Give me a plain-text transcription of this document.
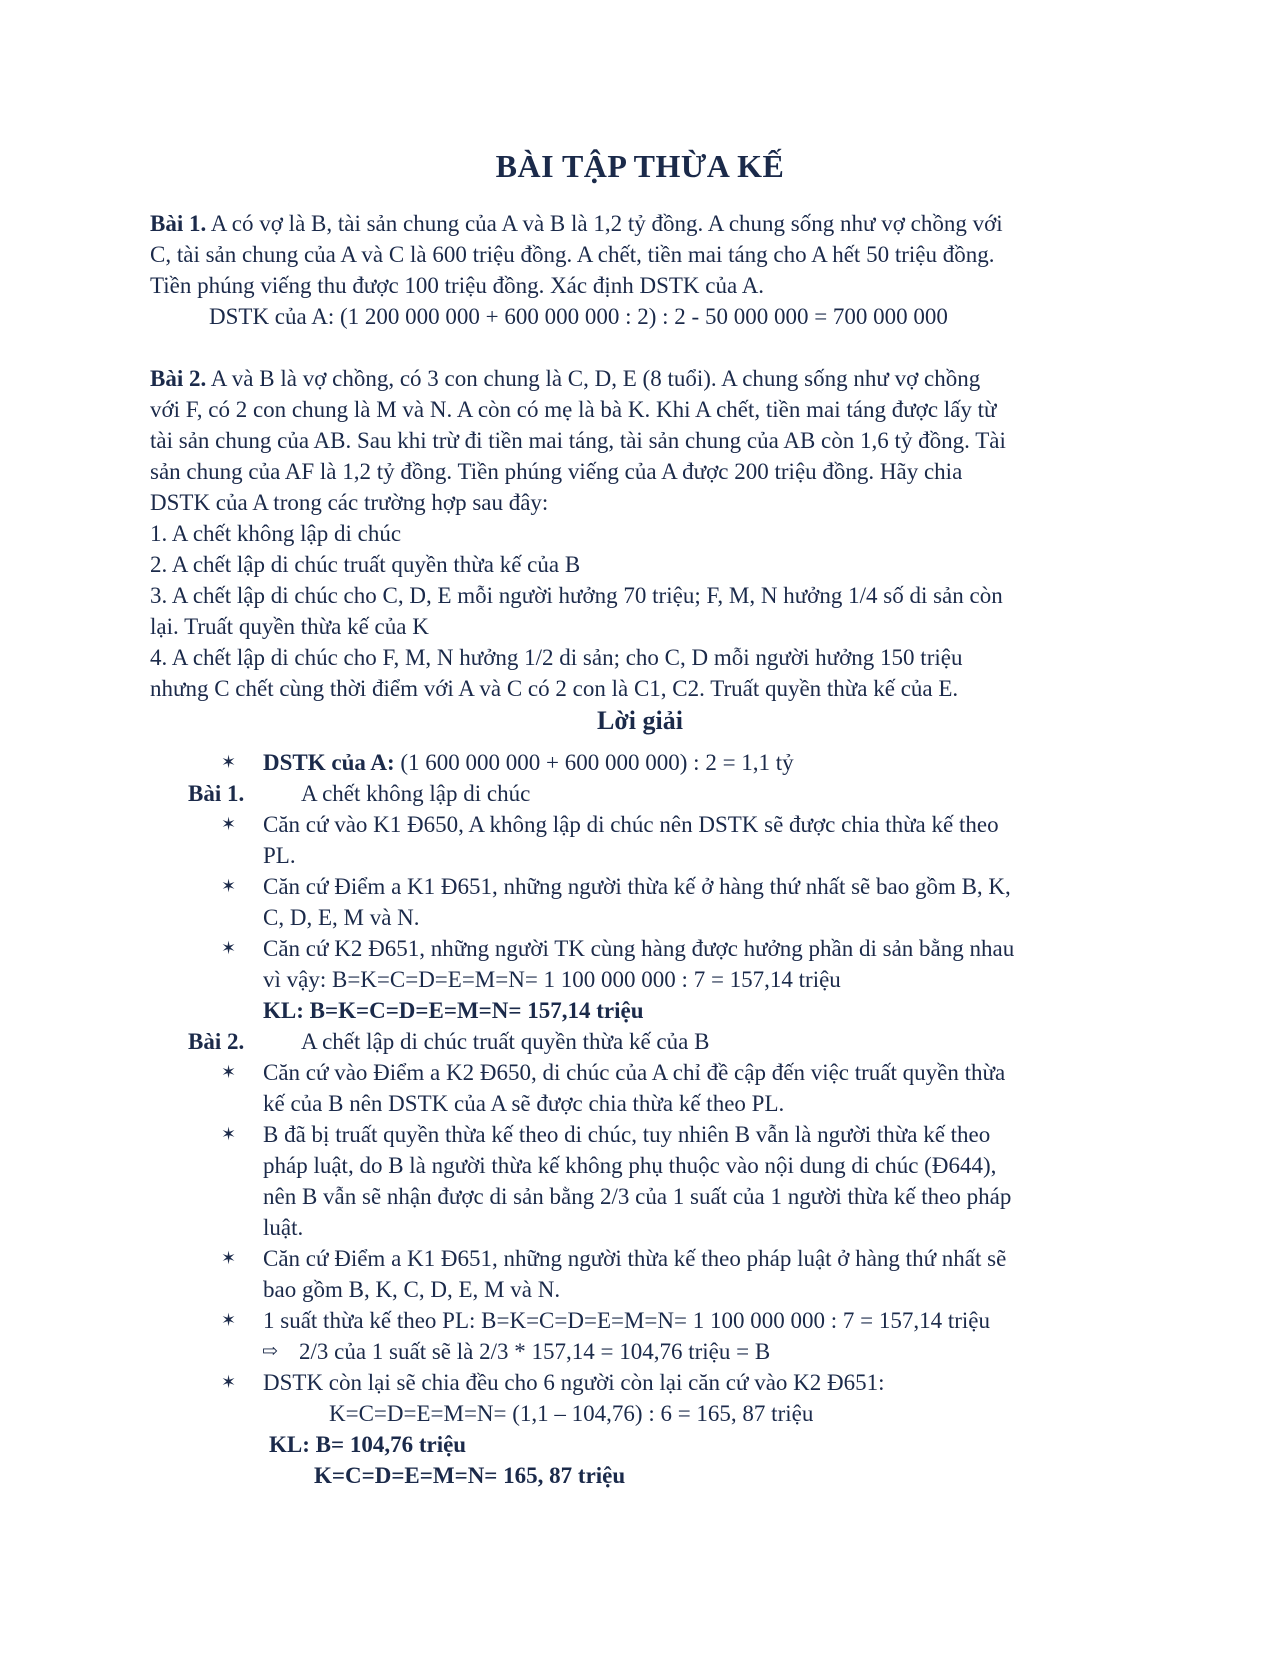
BÀI TẬP THỪA KẾ
Bài 1. A có vợ là B, tài sản chung của A và B là 1,2 tỷ đồng. A chung sống như vợ chồng với
C, tài sản chung của A và C là 600 triệu đồng. A chết, tiền mai táng cho A hết 50 triệu đồng.
Tiền phúng viếng thu được 100 triệu đồng. Xác định DSTK của A.
DSTK của A: (1 200 000 000 + 600 000 000 : 2) : 2 - 50 000 000 = 700 000 000
Bài 2. A và B là vợ chồng, có 3 con chung là C, D, E (8 tuổi). A chung sống như vợ chồng
với F, có 2 con chung là M và N. A còn có mẹ là bà K. Khi A chết, tiền mai táng được lấy từ
tài sản chung của AB. Sau khi trừ đi tiền mai táng, tài sản chung của AB còn 1,6 tỷ đồng. Tài
sản chung của AF là 1,2 tỷ đồng. Tiền phúng viếng của A được 200 triệu đồng. Hãy chia
DSTK của A trong các trường hợp sau đây:
1. A chết không lập di chúc
2. A chết lập di chúc truất quyền thừa kế của B
3. A chết lập di chúc cho C, D, E mỗi người hưởng 70 triệu; F, M, N hưởng 1/4 số di sản còn
lại. Truất quyền thừa kế của K
4. A chết lập di chúc cho F, M, N hưởng 1/2 di sản; cho C, D mỗi người hưởng 150 triệu
nhưng C chết cùng thời điểm với A và C có 2 con là C1, C2. Truất quyền thừa kế của E.
Lời giải
✶ DSTK của A: (1 600 000 000 + 600 000 000) : 2 = 1,1 tỷ
Bài 1. A chết không lập di chúc
✶ Căn cứ vào K1 Đ650, A không lập di chúc nên DSTK sẽ được chia thừa kế theo
PL.
✶ Căn cứ Điểm a K1 Đ651, những người thừa kế ở hàng thứ nhất sẽ bao gồm B, K,
C, D, E, M và N.
✶ Căn cứ K2 Đ651, những người TK cùng hàng được hưởng phần di sản bằng nhau
vì vậy: B=K=C=D=E=M=N= 1 100 000 000 : 7 = 157,14 triệu
KL: B=K=C=D=E=M=N= 157,14 triệu
Bài 2. A chết lập di chúc truất quyền thừa kế của B
✶ Căn cứ vào Điểm a K2 Đ650, di chúc của A chỉ đề cập đến việc truất quyền thừa
kế của B nên DSTK của A sẽ được chia thừa kế theo PL.
✶ B đã bị truất quyền thừa kế theo di chúc, tuy nhiên B vẫn là người thừa kế theo
pháp luật, do B là người thừa kế không phụ thuộc vào nội dung di chúc (Đ644),
nên B vẫn sẽ nhận được di sản bằng 2/3 của 1 suất của 1 người thừa kế theo pháp
luật.
✶ Căn cứ Điểm a K1 Đ651, những người thừa kế theo pháp luật ở hàng thứ nhất sẽ
bao gồm B, K, C, D, E, M và N.
✶ 1 suất thừa kế theo PL: B=K=C=D=E=M=N= 1 100 000 000 : 7 = 157,14 triệu
⇨ 2/3 của 1 suất sẽ là 2/3 * 157,14 = 104,76 triệu = B
✶ DSTK còn lại sẽ chia đều cho 6 người còn lại căn cứ vào K2 Đ651:
K=C=D=E=M=N= (1,1 – 104,76) : 6 = 165, 87 triệu
KL: B= 104,76 triệu
K=C=D=E=M=N= 165, 87 triệu
